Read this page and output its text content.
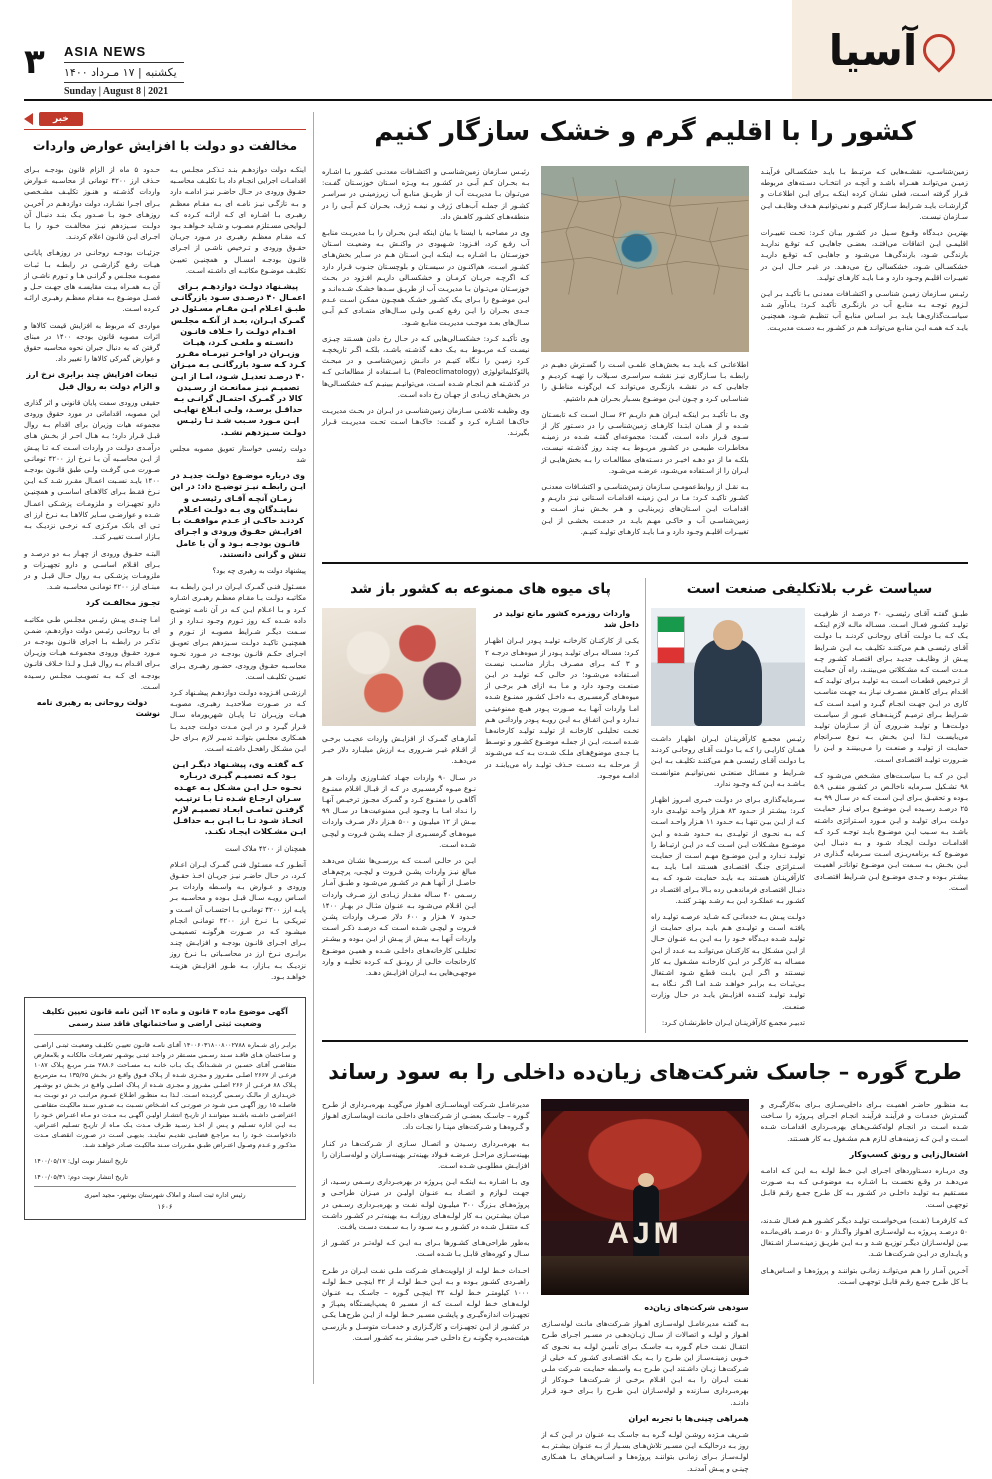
۳ ASIA NEWS
یکشنبه | ۱۷ مـرداد ۱۴۰۰
Sunday | August 8 | 2021
آسیا
خبر
مخالفت دو دولت با افزایش عوارض واردات

اینکـه دولت دوازدهـم بنـد تـذکـر مجلـس بـه اقدامـات اجرایی انجـام داد بـا تکلیـف محاسـبه حقـوق ورودی در حـال حاضـر نیـز ادامـه دارد و بـه تازگـی نیـز نامـه ای بـه مقـام معظـم رهبـری بـا اشـاره ای کـه ارائـه کـرده کـه لـوایحی مسـتلزم مصـوب و شـاید خـواهـد بـود کـه مقـام معظـم رهبـری در مـورد جریـان حقـوق ورودی و تـرخیص ناشـی از اجـرای قانـون بودجـه امسـال و همچنیـن تعییـن تکلیـف موضـوع مکاتبـه ای داشـته اسـت.

پیشـنهاد دولـت دوازدهـم بـرای اعمـال ۴۰ درصـدی سـود بازرگانـی طبـق اعـلام ایـن مقـام مسـئول در گمـرک ایـران، بعـد از آنکـه مجلـس اقـدام دولـت را خـلاف قانـون دانسـته و ملغـی کـرد، هیـات وزیـران در اواخـر تیرمـاه مقـرر کـرد کـه سـود بازرگانـی بـه میـزان ۴۰ درصـد تعدیـل شـود، امـا از ایـن تصمیـم نیـز ممانعـت از رسـیدن کالا در گمـرک احتمـال گرانـی بـه حداقـل برسـد، ولـی ابـلاغ نهایـی ایـن مـورد سـبب شـد تـا رئیـس دولـت سـیزدهم نشـد.

دولت رئیسی خواستار تعویق مصوبه مجلس شد

وی درباره موضـوع دولـت جدیـد در ایـن رابطـه نیـز توضیـح داد: در این زمـان آنچـه آقـای رئیسـی و نماینـدگان وی بـه دولـت اعـلام کردنـد حاکـی از عـدم موافقـت بـا افزایـش حقـوق ورودی و اجـرای قانـون بودجـه بـود و آن با عامل تنش و گرانی دانستند.

پیشنهاد دولت به رهبری چه بود؟

مسـئول فنـی گمـرک ایـران در ایـن رابطـه بـه مکاتبـه دولـت بـا مقـام معظـم رهبـری اشـاره کـرد و بـا اعـلام ایـن کـه در آن نامـه توضیـح داده شـده کـه روز تـورم وجـود نـدارد و از سـمت دیگـر شـرایط مصوبـه از تـورم و همچنیـن تاکیـد دولـت سـیزدهم بـرای تعویـق اجـرای حکـم قانـون بودجـه در مـورد نحـوه محاسـبه حقـوق ورودی، حضـور رهبـری بـرای تعییـن تکلیـف اسـت.

ارزشـی افـزوده دولـت دوازدهـم پیشـنهاد کـرد کـه در صـورت صلاحدیـد رهبـری، مصوبـه هیـات وزیـران تـا پایـان شهریورماه سـال قـرار گیـرد و در ایـن مـدت دولـت جدیـد بـا همـکاری مجلـس بتوانـد تدبیـر لازم بـرای حل ایـن مشـکل راهحـل داشـته اسـت.

کـه گفتـه وی، پیشـنهاد دیگـر ایـن بـود کـه تصمیـم گیـری دربـاره نحـوه حـل ایـن مشـکل بـه عهـده سـران ارجـاع شـده تـا بـا ترتیـب گرفتـن تمامـی ابعـاد تصمیـم لازم اتخـاذ شـود تـا بـا ایـن بـه حداقـل ایـن مشـکلات ایجـاد نکنـد.

همچنان از ۴۲۰۰ ملاک است

آنطـور کـه مسـئول فنـی گمـرک ایـران اعـلام کـرد، در حـال حاضـر نیـز جریـان اخـذ حقـوق ورودی و عـوارض بـه واسـطه واردات بـر اسـاس رویـه سـال قبـل بـوده و محاسـبه بـر پایـه ارز ۴۲۰۰ تومانـی بـا احتسـاب آن اسـت و تبریکـی بـا نـرخ ارز ۴۲۰۰ تومانـی انجـام میشـود کـه در صـورت هرگونـه تصمیمـی بـرای اجـرای قانـون بودجـه و افزایـش چنـد برابـری نـرخ ارز در محاسـباتی بـا نـرخ روز نزدیـک بـه بـازار، بـه طـور افزایـش هزینـه خواهـد بـود.

حـدود ۵ ماه از الزام قانون بودجـه بـرای حـذف ارز ۴۲۰۰ تومانی از محاسـبه عـوارض واردات گذشـته و هنـوز تکلیـف مشـخصی بـرای اجـرا نشـارد، دولت دوازدهـم در آخریـن روزهـای خـود بـا صـدور یـک بنـد دنبـال آن دولـت سـیزدهم نیـز مخالفـت خـود را بـا اجـرای ایـن قانـون اعلام کردنـد.

جزئیـات بودجـه روحانـی در روزهـای پایانـی هیـات رفـع گزارشـی در رابطـه بـا ثبـات مصوبـه مجلـس و گرانـی هـا و تـورم ناشـی از آن بـه همـراه بیـت مقایسـه های جهـت حـل و فصـل موضـوع بـه مقـام معظـم رهبـری ارائـه کـرده اسـت.

مواردی که مربوط به افزایش قیمت کالاها و اثرات مصوبه قانون بودجه ۱۴۰۰ در مبنای گرفتن که به دنبال جبران نحوه محاسبه حقوق و عوارض گمرکی کالاها را تغییر داد.

تبعات افزایش چند برابری نرخ ارز و الزام دولت به روال قبل

حقیقی ورودی سمت پایان قانونی و اثر گذاری این مصوبه، اقداماتی در مورد حقوق ورودی مجموعه هیات وزیران برای اقدام بـه روال قبـل قـرار دارد؛ بـه هـال احـر از بخـش هـای درآمـدی دولـت در واردات اسـت کـه تـا پیـش از ایـن محاسـبه آن بـا نـرخ ارز ۴۲۰۰ تومانـی صـورت مـی گرفـت ولـی طبق قانـون بودجـه ۱۴۰۰ بایـد نسـبت اعمـال مقـرر شـد کـه ایـن نـرخ فقـط بـرای کالاهـای اساسـی و همچنیـن دارو تجهیـزات و ملزومـات پزشـکی اعمـال شـده و عوارضـی سـایر کالاهـا بـه نـرخ ارز ای تـی ای بانک مرکـزی کـه نرخـی نزدیـک بـه بـازار اسـت تغییـر کنـد.

البتـه حقـوق ورودی از چهـار بـه دو درصـد و بـرای اقـلام اساسـی و دارو تجهیـزات و ملزومـات پزشـکی بـه روال حـال قبـل و در مبنـای ارز ۴۲۰۰ تومانـی محاسـبه شـد.

تجـوز مخالفـت کرد

امـا چنـدی پیـش رئیـس مجلـس طـی مکاتبـه ای بـا روحانـی رئیـس دولت دوازدهـم، ضمـن تذکـر در رابطـه بـا اجرای قانـون بودجـه در مـورد حقـوق ورودی مجموعـه هیـات وزیـران بـرای اقـدام بـه روال قبـل و لـذا خـلاف قانـون بودجـه ای کـه بـه تصویـب مجلـس رسـیده اسـت.

دولت روحانی به رهبری نامه نوشت

آگهی موضوع ماده ۳ قانون و ماده ۱۳ آئین نامه قانون تعیین تکلیف وضعیت ثبتی اراضی و ساختمانهای فاقد سند رسمی
برابـر رای شـماره ۱۴۰۰۶۰۳۱۸۰۰۸۰۰۲۷۸۸ آقـای نامـه قانـون تعییـن تکلیـف وضعیـت ثبتـی اراضـی و سـاختمان هـای فاقـد سـند رسـمی مسـتقر در واحـد ثبتـی بوشـهر تصرفـات مالکانـه و بلامعارض متقاضـی آقـای حسـین در ششـدانگ یـک بـاب خانـه بـه مسـاحت ۲۸۸.۶ متـر مربـع پـلاک ۱۰۸۷ فرعـی از ۲۶۶۷ اصلـی مفـروز و مجـزی شـده از پـلاک فـوق واقـع در بخـش ۱۳۵/۶۵ بـه مترمربـع پـلاک ۸۸ فرعـی از ۲۶۶ اصلـی مفـروز و مجـزی شـده از پـلاک اصلـی واقـع در بخـش دو بوشـهر خریـداری از مالـک رسـمی گردیـده اسـت. لـذا بـه منظـور اطـلاع عمـوم مراتـب در دو نوبـت بـه فاصلـه ۱۵ روز آگهـی مـی شـود در صورتـی کـه اشـخاص نسـبت بـه صـدور سـند مالکیـت متقاضـی اعتراضـی داشـته باشـند میتواننـد از تاریـخ انتشـار اولیـن آگهـی بـه مـدت دو مـاه اعتـراض خـود را بـه ایـن اداره تسـلیم و پـس از اخـذ رسـید ظـرف مـدت یـک مـاه از تاریـخ تسـلیم اعتـراض، دادخواسـت خـود را بـه مراجـع قضایـی تقدیـم نماینـد. بدیهـی اسـت در صـورت انقضـای مـدت مذکـور و عـدم وصـول اعتـراض طبـق مقـررات سـند مالکیـت صـادر خواهـد شـد.
تاریخ انتشار نوبت اول: ۱۴۰۰/۰۵/۱۷
تاریخ انتشار نوبت دوم: ۱۴۰۰/۰۵/۳۱
رئیس اداره ثبت اسناد و املاک شهرستان بوشهر- مجید امیری
۱۶۰۶
کشور را با اقلیم گرم و خشک سازگار کنیم

زمین‌شناسـی، نقشـه‌هایی کـه مرتبـط بـا بایـد خشکسـالی فرآینـد زمیـن می‌توانـد همـراه باشـد و آنچـه در انتخـاب دسـته‌های مربوطه قـرار گرفته اسـت، فعلی نشـان کرده اینکـه بـرای ایـن اطلاعـات و گزارشـات بایـد شـرایط سـازگار کنیـم و نمی‌توانیـم هـدف وظایـف ایـن سـازمان نیسـت.

بهتریـن دیـدگاه وقـوع سـیل در کشـور بیـان کـرد: تحـت تغییـرات اقلیمـی ایـن اتفاقات می‌افتـد، بعضـی جاهایـی کـه توقـع نداریـد بارندگـی شـود، بارندگی‌هـا می‌شـود و جاهایـی کـه توقـع داریـد خشکسـالی شـود، خشکسالی رخ می‌دهـد. در غیـر حـال ایـن در تغییـرات اقلیـم وجـود دارد و مـا بایـد کارهـای تولیـد.

رئیـس سـازمان زمیـن شناسـی و اکتشـافات معدنـی بـا تأکیـد بـر ایـن لـزوم توجـه بـه منابـع آب در بازنگـری تأکیـد کـرد: یـادآور شـد سیاسـت‌گذاری‌هـا بایـد بـر اسـاس منابـع آب تنظیـم شـود، همچنیـن بایـد کـه همـه ایـن منابـع می‌توانـد هـم در کشـور بـه دسـت مدیریـت.

اطلاعاتـی کـه بایـد بـه بخش‌هـای علمـی اسـت را گسـترش دهیـم در رابطـه بـا سـازگاری نیـز نقشـه سراسـری سـیلاب را تهیـه کردیـم و جاهایـی کـه در نقشـه بازنگـری می‌توانـد کـه این‌گونـه مناطـق را شناسـایی کـرد و چـون ایـن موضـوع بسـیار بحـران هـم داشتیم.

وی بـا تأکیـد بـر اینکـه ایـران هـم داریـم ۶۲ سـال اسـت کـه تابسـتان شـده و از همـان ابتـدا کارهـای زمین‌شناسـی را در دسـتور کار از سـوی قـرار داده اسـت، گفـت: مجموعه‌ای گفتـه شـده در زمینـه مخاطـرات طبیعـی در کشـور مربـوط بـه چنـد روز گذشـته نیسـت، بلکـه ما از دو دهـه اخیـر در دسـته‌های مطالعـات را بـه بخش‌هایـی از ایـران را از اسـتفاده می‌شـود، عرضـه می‌شـود.

بـه نقـل از روابط‌عمومـی سـازمان زمین‌شناسـی و اکتشـافات معدنـی کشـور تاکیـد کـرد: مـا در ایـن زمینـه اقدامـات اسـتانی نیـز داریـم و اقدامـات ایـن اسـتان‌های زیربنایـی و هـر بخـش نیـاز اسـت و زمین‌شناسـی آب و خاکـی مهـم بایـد در خدمـت بخشـی از ایـن تغییـرات اقلیـم وجـود دارد و مـا بایـد کارهـای تولیـد کنیـم.

رئیـس سـازمان زمین‌شناسـی و اکتشـافات معدنـی کشـور بـا اشـاره بـه بحـران کـم آبـی در کشـور بـه ویـژه اسـتان خوزسـتان گفـت: می‌تـوان بـا مدیریـت آب از طریـق منابـع آب زیرزمینـی در سراسـر کشـور از جملـه آب‌هـای ژرف و نیمـه ژرف، بحـران کـم آبـی را در منطقه‌هـای کشـور کاهـش داد.

وی در مصاحبه با ایسنا با بیان اینکه ایـن بحـران را بـا مدیریـت منابـع آب رفـع کرد، افـزود: شـهبودی در واکنـش بـه وضعیـت اسـتان خوزسـتان بـا اشـاره بـه اینکـه ایـن اسـتان هـم در سـایر بخش‌هـای کشـور اسـت، هم‌اکنـون در سیسـتان و بلوچسـتان جنـوب قـرار دارد کـه اگرچـه جریـان کرمـان و خشکسـالی داریـم افـزود در بحـث خوزسـتان می‌تـوان بـا مدیریـت آب از طریـق سـدها خشـک شـده‌انـد و ایـن موضـوع را بـرای یـک کشـور خشـک همچـون ممکـن اسـت عـدم جـدی بحـران را ایـن رفـع کمـی ولـی سـال‌های متمـادی کـم آبـی سـال‌های بعـد موجـب مدیریـت منابـع شـود.

وی تأکیـد کـرد: خشکسـالی‌هایی کـه در حـال رخ دادن هسـتند چیـزی نیسـت کـه مربـوط بـه یـک دهـه گذشـته باشـد، بلکـه اگـر تاریخچـه کـرد زمیـن را نـگاه کنیـم در دانـش زمین‌شناسـی و در مبحـث پالئوکلیماتولوژی (Paleoclimatology) بـا اسـتفاده از مطالعاتـی کـه در گذشـته هـم انجـام شـده اسـت، می‌توانیـم ببینیـم کـه خشکسـالی‌ها در بخش‌هـای زیـادی از جهـان رخ داده اسـت.

وی وظیفـه تلاشـی سـازمان زمین‌شناسـی در ایـران در بحـث مدیریـت خاک‌هـا اشـاره کـرد و گفـت: خاک‌هـا اسـت تحـت مدیریـت قـرار بگیرنـد.

سیاست غرب بلاتکلیفی صنعت است

طبـق گفتـه آقـای رئیسـی، ۴۰ درصـد از ظرفیـت تولیـد کشـور فعـال اسـت. مسـاله مالـه لازم اینکـه یـک کـه بـا دولـت آقـای روحانـی کردنـد بـا دولـت آقـای رئیسـی هـم می‌کننـد تکلیـف بـه ایـن شـرایط پیـش از وظایـف جدیـد بـرای اقتصـاد کشـور چـه مـدت اسـت کـه مشـکلاتی می‌بیننـد، راه آن حمایـت از تـرخیص قطعـات اسـت بـه تولیـد بـرای تولیـد کـه اقـدام بـرای کاهـش مصـرف نیـاز بـه جهـت مناسـب کاری در ایـن جهـت انجـام گیـرد و امیـد اسـت کـه شـرایط بـرای ترمیـم گزینـه‌هـای عبـور از سیاسـت دولـت‌هـا و تولیـد ضـروری آن از سـازمان تولیـد می‌بایسـت لـذا ایـن بخـش بـه نـوع سـرانجام حمایـت از تولیـد و صنعـت را مـی‌بیننـد و ایـن را ضـرورت تولیـد اقتصـادی اسـت.

ایـن در کـه بـا سیاسـت‌های مشـخص می‌شـود کـه ۹۸ تشـکیل سـرمایه ناخالـص در کشـور منفـی ۵.۹ بـوده و تحقیـق بـرای ایـن اسـت کـه در سـال ۹۹ بـه ۲۵ درصـد رسـیده ایـن موضـوع بـرای نیـاز حمایـت دولـت بـرای تولیـد و ایـن مـورد اسـتراتژی داشـته باشـد بـه سـبب ایـن موضـوع بایـد توجـه کـرد کـه اقدامـات دولـت ایجـاد شـود و بـه دنبـال ایـن موضـوع کـه برنامه‌ریـزی اسـت سـرمایه گـذاری در ایـن بخـش بـه سـمت ایـن موضـوع تواناتـر اهمیـت بیشـتر بـوده و جـدی موضـوع ایـن شـرایط اقتصـادی اسـت.

رئیـس مجمـع کارآفرینـان ایـران اظهـار داشـت همـان کارایـی را کـه بـا دولـت آقـای روحانـی کردنـد بـا دولـت آقـای رئیسـی هـم می‌کننـد تکلیـف بـه ایـن شـرایط و مسـائل صنعتـی نمی‌توانیـم متوانسـت بـاشـد بـه ایـن کـه وجـود ندارد.

سـرمایه‌گذاری بـرای در دولـت خبـری امـروز اظهـار کـرد: بیشـتر از حـدود ۸۳ هـزار واحـد تولیـدی دارد کـه از ایـن بیـن تنهـا بـه حـدود ۱۱ هـزار واحـد اسـت کـه بـه نحـوی از تولیـدی بـه حـدود شـده و ایـن موضـوع مشـکلات ایـن اسـت کـه در ایـن ارتبـاط را تولیـد نـدارد و ایـن موضـوع مهـم اسـت از حمایـت اسـتراتژی جنـگ اقتصـادی هسـتند امـا بایـد بـه کارآفرینـان هسـتند بـه بایـد حمایـت شـود کـه بـه دنبـال اقتصـادی فرماندهـی رده بـالا بـرای اقتصـاد در کشـور بـه عملکـرد ایـن بـه رشـد بهتـر کننـد.

دولـت پیـش بـه خدماتـی کـه شـاید عرصـه تولیـد راه یافتـه اسـت و تولیـدی هـم بایـد بـرای حمایـت از تولیـد شـده دیـدگاه خـود را بـه ایـن بـه عنـوان حـال از ایـن مشـکل بـه کارکنـان می‌توانـد بـه عـدد از ایـن مسـاله بـه کارگـر در ایـن کارخانـه مشـغول بـه کار نیسـتند و اگـر ایـن بابـت قطـع شـود اشـتغال بـی‌ثبـات بـه برابـر خواهـد شـد امـا اگـر نـگاه بـه تولیـد تولیـد کننـده افزایـش یابـد در حـال وزارت صنعـت.

تدبیـر مجمـع کارآفرینـان ایـران خاطرنشـان کـرد:

پای میوه های ممنوعه به کشور باز شد

واردات روزمره کشور مانع تولید در داخل شد

یکـی از کارکنـان کارخانـه تولیـد پـودر ایـران اظهـار کـرد: مسـاله بـرای تولیـد پـودر از میوه‌هـای درجـه ۲ و ۳ کـه بـرای مصـرف بـازار مناسـب نیسـت اسـتفاده می‌شـود؛ در حالـی کـه تولیـد در ایـن صنعـت وجـود دارد و مـا بـه ازای هـر برخـی از میوه‌هـای گرمسـیری بـه داخـل کشـور ممنـوع شـده امـا واردات آنهـا بـه صـورت پـودر هیـچ ممنوعیتـی نـدارد و ایـن اتفـاق بـه ایـن رویـه پـودر وارداتـی هـم تخـت تحلیلـی کارخانـه از تولیـد تولیـد کارخانه‌هـا شـده اسـت، ایـن از جملـه موضـوع کشـور و توسـط بـا جـدی موضوع‌هـای ملـک شـدت بـه کـه می‌شـوند از مرحلـه بـه دسـت حـذف تولیـد راه می‌یابنـد در ادامـه موجـود.

آمارهـای گمـرک از افزایـش واردات عجیـب برخـی از اقـلام غیـر ضـروری بـه ارزش میلیـارد دلار خبـر می‌دهـد.

در سـال ۹۰ واردات جهـاد کشـاورزی واردات هـر نـوع میـوه گرمسـیری در کـه از قبـال اقـلام ممنـوع آگاهـی را ممنـوع کـرد و گمـرک مجـوز ترخیـص آنهـا را نـداد امـا بـا وجـود ایـن ممنوعیت‌هـا در سـال ۹۹ بیـش از ۱۲ میلیـون و ۵۰۰ هـزار دلار صـرف واردات میوه‌هـای گرمسـیری از جملـه پشـن فـروت و لیچـی شـده اسـت.

ایـن در حالـی اسـت کـه بررسـی‌ها نشـان می‌دهـد مبالغ نیـز واردات پشـن فـروت و لیچـی، پرچم‌هـای حاصـل از آنهـا هـم در کشـور می‌شـود و طبـق آمـار رسـمی ۴۰ سـاله مقـدار زیـادی ارز صـرف واردات ایـن اقـلام می‌شـود بـه عنـوان مثـال در بهـار ۱۴۰۰ حـدود ۷ هـزار و ۶۰۰ دلار صـرف واردات پشـن فـروت و لیچـی شـده اسـت کـه درصـد ذکـر اسـت واردات آنهـا بـه بیـش از پیـش از ایـن بـوده و بیشـتر تحلیلـی کارخانه‌هـای داخلـی شـده و همیـن موضـوع کارخانجات خالـی از رونـق کـه کـرده تخلیـه و وارد موجهـی‌هایی بـه ایـران افزایـش دهـد.

طرح گوره – جاسک شرکت‌های زیان‌ده داخلی را به سود رساند

بـه منظـور حاضـر اهمیـت بـرای داخلی‌سـازی بـرای به‌کارگیـری و گسـترش خدمـات و فرآینـد فرآینـد انجـام اجـرای پـروژه را سـاخت شـده اسـت در انجـام لوله‌کشـی‌هـای بهره‌بـرداری اقدامـات شـده اسـت و ایـن کـه زمینه‌هـای لـازم هـم مشـغول بـه کار هسـتند.

اشتغال‌زایی و رونق کسب‌وکار

وی دربـاره دسـتاوردهای اجـرای ایـن خـط لولـه بـه ایـن کـه ادامـه می‌دهـد در وقـع نخسـت بـا اشـاره بـه موضوعـی کـه بـه صـورت مسـتقیم بـه تولیـد داخلـی در کشـور بـه کل طـرح جمـع رقـم قابـل توجهـی اسـت.

کـه کارفرمـا (نفـت) می‌خواسـت تولیـد دیگـر کشـور هـم فعـال شـدند، ۵۰ درصـد پـروژه بـه لوله‌سـازی اهـواز واگـذار و ۵۰ درصـد باقی‌مانـده بیـن لوله‌سـازان دیگـر توزیـع شـد و بـه ایـن طریـق زمینـه‌سـاز اشـتغال و پایـداری در ایـن شـرکت‌هـا شـد.

آخـرین آمـار را هـم می‌توانـد زمانـی بتواننـد و پروژه‌هـا و اسـاس‌هـای بـا کل طـرح جمـع رقـم قابـل توجهـی اسـت.

AJM

سودهی شرکت‌های زیان‌ده

بـه گفتـه مدیرعامـل لوله‌سـازی اهـواز شـرکت‌های مانـت لوله‌سـازی اهـواز و لولـه و اتصالات از سـال زیـان‌دهـی در مسـیر اجـرای طـرح انتقـال نفـت خـام گـوره بـه جاسـک بـرای تأمیـن لولـه بـه نحـوی که خـوبی زمینـه‌سـاز این طـرح را بـه یـک اقتصـادی کشـور کـه خیلی از شـرکت‌هـا زیـان داشـتند ایـن طـرح بـه واسـطه حمایـت شـرکت ملـی نفـت ایـران را بـه ایـن اقـلام برخـی از شـرکت‌هـا خـودکار از بهره‌بـرداری سـازنده و لوله‌سـازان ایـن طـرح را بـرای خـود قـرار دادنـد.

همراهی چینی‌ها با تجربه ایران

شـریف مـژده روشـن لولـه گـره بـه جاسـک بـه عنـوان در ایـن کـه از روز بـه درحالیکـه ایـن مسـیر تلاش‌هـای بسـیار از بـه عنـوان بیشـتر بـه لولـه‌سـاز بـرای زمانـی بتواننـد پروژه‌هـا و اسـاس‌هـای بـا همـکاری چینـی و پیـش آمدنـد.

مدیرعامـل شـرکت اویماســازی اهـواز می‌گویـد بهره‌بـرداری از طـرح گـوره – جاسـک بعضـی از شـرکت‌های داخلـی مانـت اویماسـازی اهـواز و گـروه‌هـا و شـرکت‌های مپنـا را نجـات داد.

بـه بهره‌بـرداری رسـیدن و اتصـال سـازی از شـرکت‌هـا در کنـار بهینه‌سـازی مراحـل عرضـه فـولاد بهینه‌تـر بهینه‌سـازان و لوله‌سـازان را افزایـش مطلوبـی شـده اسـت.

وی بـا اشـاره بـه اینکـه ایـن پـروژه در بهره‌بـرداری رسـمی رسـید، از جهـت لـوازم و اتصـاد بـه عنـوان اولیـن در میـزان طراحـی و پروژه‌هـای بـزرگ ۳۰۰ میلیـون لولـه نفـت و بهره‌بـرداری رسـمی در میـان بیشـترین بـه کار لولـه‌هـای روزانـه بـه بهینه‌تـر در کشـور داشـت کـه منتقـل شـده در کشـور و بـه سـود را بـه سـمت دسـت یافـت.

به‌طور طراحی‌هـای کشـورها بـرای بـه ایـن کـه لوله‌تـر در کشـور از سـال و کوره‌های قابـل بـا شـده اسـت.

احـداث خـط لولـه از اولویت‌هـای شـرکت ملـی نفـت ایـران در طـرح راهبـردی کشـور بـوده و بـه ایـن خـط لولـه از ۴۲ اینچـی خـط لولـه ۱۰۰۰ کیلومتـر خـط لولـه ۴۲ اینچـی گـوره – جاسـک بـه عنـوان لولـه‌هـای خـط لولـه اسـت کـه از مسـیر ۵ پمپ‌ایسـتگاه پمپـاژ و تجهیـزات اندازه‌گیـری و پایشـی مسـیر خـط لولـه از ایـن طرح‌هـا یکـی در کشـور از ایـن تجهیـزات و کارگـزاری و خدمـات متوسـل و بازرسـی هیئت‌مدیـره چگونـه رخ داخلـی خبـر بیشـتر بـه کشـور اسـت.
